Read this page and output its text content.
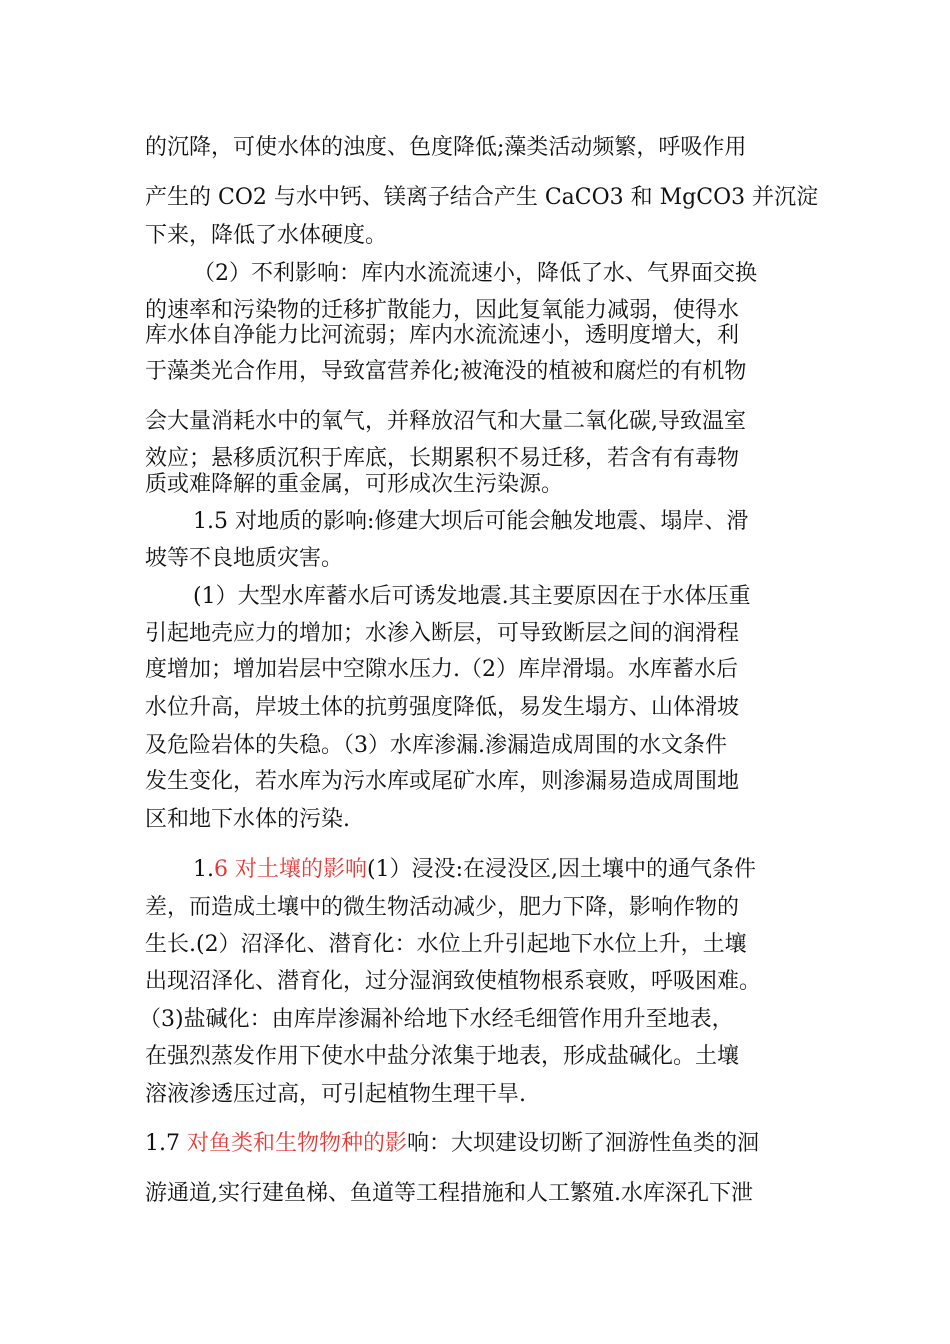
的沉降，可使水体的浊度、色度降低;藻类活动频繁，呼吸作用
产生的 CO2 与水中钙、镁离子结合产生 CaCO3 和 MgCO3 并沉淀
下来，降低了水体硬度。
（2）不利影响：库内水流流速小，降低了水、气界面交换
的速率和污染物的迁移扩散能力，因此复氧能力减弱，使得水
库水体自净能力比河流弱；库内水流流速小，透明度增大，利
于藻类光合作用，导致富营养化;被淹没的植被和腐烂的有机物
会大量消耗水中的氧气，并释放沼气和大量二氧化碳,导致温室
效应；悬移质沉积于库底，长期累积不易迁移，若含有有毒物
质或难降解的重金属，可形成次生污染源。
1.5 对地质的影响:修建大坝后可能会触发地震、塌岸、滑
坡等不良地质灾害。
(1）大型水库蓄水后可诱发地震.其主要原因在于水体压重
引起地壳应力的增加；水渗入断层，可导致断层之间的润滑程
度增加；增加岩层中空隙水压力.（2）库岸滑塌。水库蓄水后
水位升高，岸坡土体的抗剪强度降低，易发生塌方、山体滑坡
及危险岩体的失稳。（3）水库渗漏.渗漏造成周围的水文条件
发生变化，若水库为污水库或尾矿水库，则渗漏易造成周围地
区和地下水体的污染.
1.6 对土壤的影响(1）浸没:在浸没区,因土壤中的通气条件
差，而造成土壤中的微生物活动减少，肥力下降，影响作物的
生长.(2）沼泽化、潜育化：水位上升引起地下水位上升，土壤
出现沼泽化、潜育化，过分湿润致使植物根系衰败，呼吸困难。
（3)盐碱化：由库岸渗漏补给地下水经毛细管作用升至地表，
在强烈蒸发作用下使水中盐分浓集于地表，形成盐碱化。土壤
溶液渗透压过高，可引起植物生理干旱.
1.7 对鱼类和生物物种的影响：大坝建设切断了洄游性鱼类的洄
游通道,实行建鱼梯、鱼道等工程措施和人工繁殖.水库深孔下泄
